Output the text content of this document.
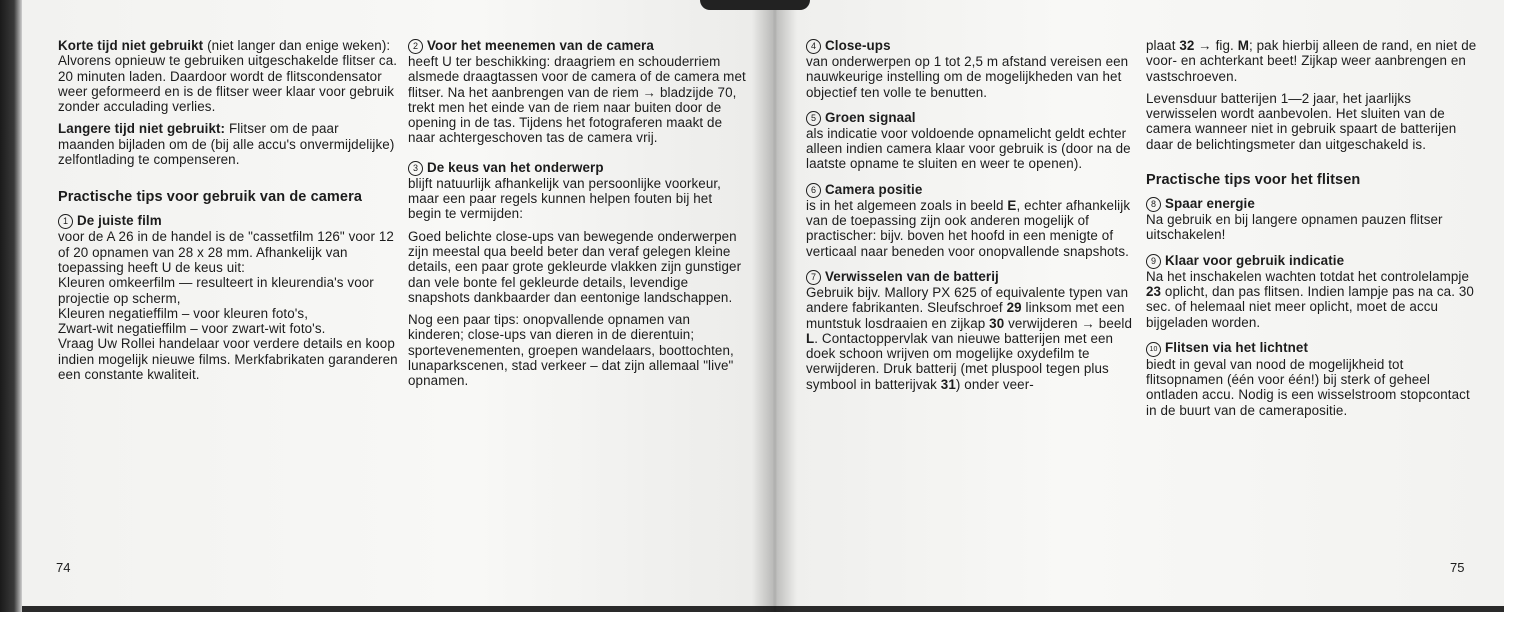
Korte tijd niet gebruikt (niet langer dan enige weken):
Alvorens opnieuw te gebruiken uitgeschakelde flitser ca. 20 minuten laden. Daardoor wordt de flitscondensator weer geformeerd en is de flitser weer klaar voor gebruik zonder acculading verlies.

Langere tijd niet gebruikt: Flitser om de paar maanden bijladen om de (bij alle accu's onvermijdelijke) zelfontlading te compenseren.

Practische tips voor gebruik van de camera
1 De juiste film
voor de A 26 in de handel is de "cassetfilm 126" voor 12 of 20 opnamen van 28 x 28 mm. Afhankelijk van toepassing heeft U de keus uit:
Kleuren omkeerfilm — resulteert in kleurendia's voor projectie op scherm,
Kleuren negatieffilm – voor kleuren foto's,
Zwart-wit negatieffilm – voor zwart-wit foto's.
Vraag Uw Rollei handelaar voor verdere details en koop indien mogelijk nieuwe films. Merkfabrikaten garanderen een constante kwaliteit.
2 Voor het meenemen van de camera
heeft U ter beschikking: draagriem en schouderriem alsmede draagtassen voor de camera of de camera met flitser. Na het aanbrengen van de riem → bladzijde 70, trekt men het einde van de riem naar buiten door de opening in de tas. Tijdens het fotograferen maakt de naar achtergeschoven tas de camera vrij.
3 De keus van het onderwerp

blijft natuurlijk afhankelijk van persoonlijke voorkeur, maar een paar regels kunnen helpen fouten bij het begin te vermijden:

Goed belichte close-ups van bewegende onderwerpen zijn meestal qua beeld beter dan veraf gelegen kleine details, een paar grote gekleurde vlakken zijn gunstiger dan vele bonte fel gekleurde details, levendige snapshots dankbaarder dan eentonige landschappen.

Nog een paar tips: onopvallende opnamen van kinderen; close-ups van dieren in de dierentuin; sportevenementen, groepen wandelaars, boottochten, lunaparkscenen, stad verkeer – dat zijn allemaal "live" opnamen.

74
4 Close-ups
van onderwerpen op 1 tot 2,5 m afstand vereisen een nauwkeurige instelling om de mogelijkheden van het objectief ten volle te benutten.
5 Groen signaal
als indicatie voor voldoende opnamelicht geldt echter alleen indien camera klaar voor gebruik is (door na de laatste opname te sluiten en weer te openen).
6 Camera positie
is in het algemeen zoals in beeld E, echter afhankelijk van de toepassing zijn ook anderen mogelijk of practischer: bijv. boven het hoofd in een menigte of verticaal naar beneden voor onopvallende snapshots.
7 Verwisselen van de batterij
Gebruik bijv. Mallory PX 625 of equivalente typen van andere fabrikanten. Sleufschroef 29 linksom met een muntstuk losdraaien en zijkap 30 verwijderen → beeld L. Contactoppervlak van nieuwe batterijen met een doek schoon wrijven om mogelijke oxydefilm te verwijderen. Druk batterij (met pluspool tegen plus symbool in batterijvak 31) onder veer-

plaat 32 → fig. M; pak hierbij alleen de rand, en niet de voor- en achterkant beet! Zijkap weer aanbrengen en vastschroeven.

Levensduur batterijen 1—2 jaar, het jaarlijks verwisselen wordt aanbevolen. Het sluiten van de camera wanneer niet in gebruik spaart de batterijen daar de belichtingsmeter dan uitgeschakeld is.

Practische tips voor het flitsen
8 Spaar energie
Na gebruik en bij langere opnamen pauzen flitser uitschakelen!
9 Klaar voor gebruik indicatie
Na het inschakelen wachten totdat het controlelampje 23 oplicht, dan pas flitsen. Indien lampje pas na ca. 30 sec. of helemaal niet meer oplicht, moet de accu bijgeladen worden.
10 Flitsen via het lichtnet
biedt in geval van nood de mogelijkheid tot flitsopnamen (één voor één!) bij sterk of geheel ontladen accu. Nodig is een wisselstroom stopcontact in de buurt van de camerapositie.
75
